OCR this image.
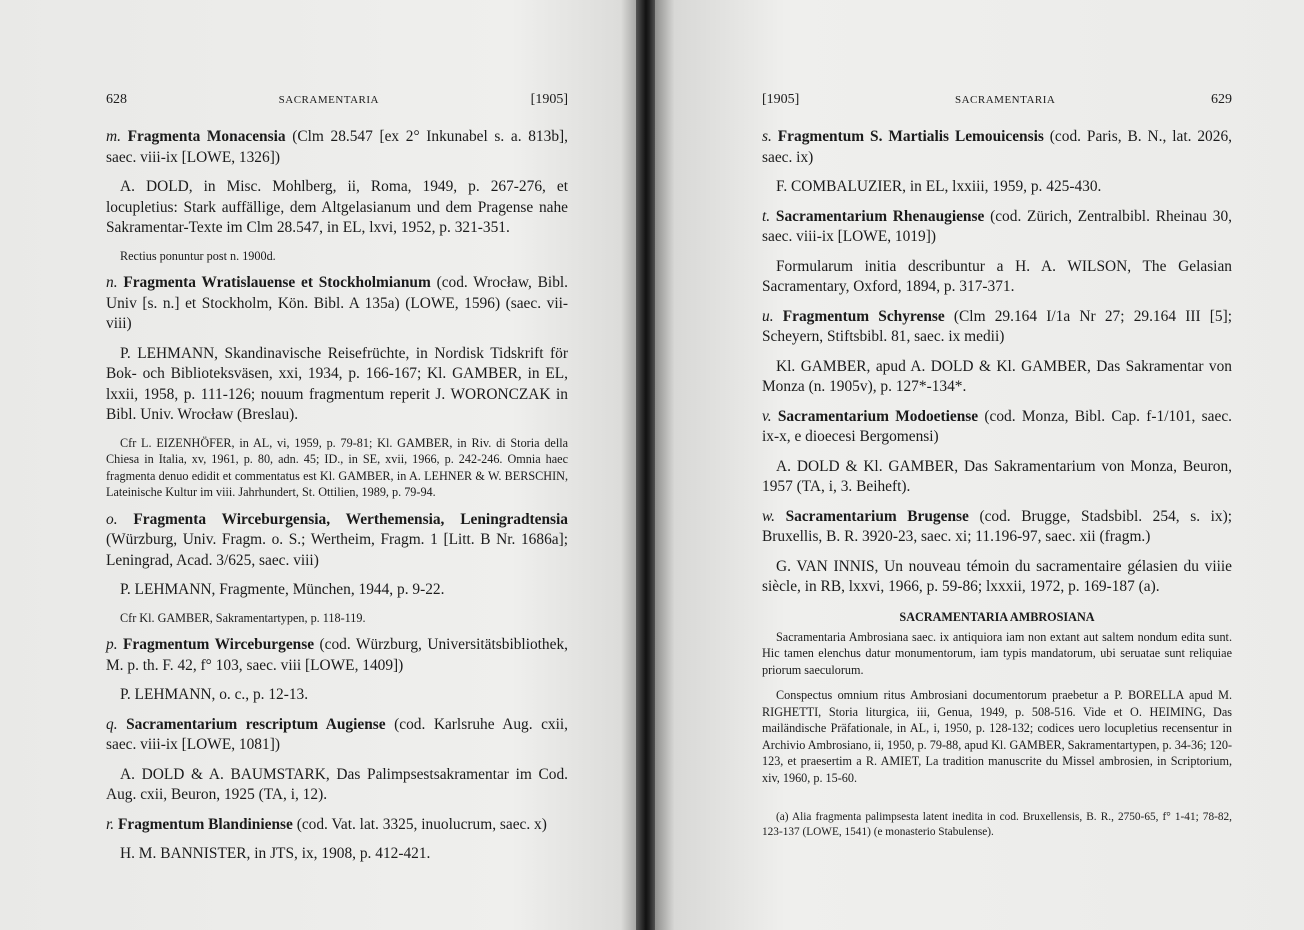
628	SACRAMENTARIA	[1905]

m. Fragmenta Monacensia (Clm 28.547 [ex 2° Inkunabel s. a. 813b], saec. viii-ix [LOWE, 1326])

A. DOLD, in Misc. Mohlberg, ii, Roma, 1949, p. 267-276, et locupletius: Stark auffällige, dem Altgelasianum und dem Pragense nahe Sakramentar-Texte im Clm 28.547, in EL, lxvi, 1952, p. 321-351.

Rectius ponuntur post n. 1900d.

n. Fragmenta Wratislauense et Stockholmianum (cod. Wrocław, Bibl. Univ [s. n.] et Stockholm, Kön. Bibl. A 135a) (LOWE, 1596) (saec. vii-viii)

P. LEHMANN, Skandinavische Reisefrüchte, in Nordisk Tidskrift för Bok- och Biblioteksväsen, xxi, 1934, p. 166-167; Kl. GAMBER, in EL, lxxii, 1958, p. 111-126; nouum fragmentum reperit J. WORONCZAK in Bibl. Univ. Wrocław (Breslau).

Cfr L. EIZENHÖFER, in AL, vi, 1959, p. 79-81; Kl. GAMBER, in Riv. di Storia della Chiesa in Italia, xv, 1961, p. 80, adn. 45; ID., in SE, xvii, 1966, p. 242-246. Omnia haec fragmenta denuo edidit et commentatus est Kl. GAMBER, in A. LEHNER & W. BERSCHIN, Lateinische Kultur im viii. Jahrhundert, St. Ottilien, 1989, p. 79-94.

o. Fragmenta Wirceburgensia, Werthemensia, Leningradtensia (Würzburg, Univ. Fragm. o. S.; Wertheim, Fragm. 1 [Litt. B Nr. 1686a]; Leningrad, Acad. 3/625, saec. viii)

P. LEHMANN, Fragmente, München, 1944, p. 9-22.

Cfr Kl. GAMBER, Sakramentartypen, p. 118-119.

p. Fragmentum Wirceburgense (cod. Würzburg, Universitätsbibliothek, M. p. th. F. 42, f° 103, saec. viii [LOWE, 1409])

P. LEHMANN, o. c., p. 12-13.

q. Sacramentarium rescriptum Augiense (cod. Karlsruhe Aug. cxii, saec. viii-ix [LOWE, 1081])

A. DOLD & A. BAUMSTARK, Das Palimpsestsakramentar im Cod. Aug. cxii, Beuron, 1925 (TA, i, 12).

r. Fragmentum Blandiniense (cod. Vat. lat. 3325, inuolucrum, saec. x)

H. M. BANNISTER, in JTS, ix, 1908, p. 412-421.

[1905]	SACRAMENTARIA	629

s. Fragmentum S. Martialis Lemouicensis (cod. Paris, B. N., lat. 2026, saec. ix)

F. COMBALUZIER, in EL, lxxiii, 1959, p. 425-430.

t. Sacramentarium Rhenaugiense (cod. Zürich, Zentralbibl. Rheinau 30, saec. viii-ix [LOWE, 1019])

Formularum initia describuntur a H. A. WILSON, The Gelasian Sacramentary, Oxford, 1894, p. 317-371.

u. Fragmentum Schyrense (Clm 29.164 I/1a Nr 27; 29.164 III [5]; Scheyern, Stiftsbibl. 81, saec. ix medii)

Kl. GAMBER, apud A. DOLD & Kl. GAMBER, Das Sakramentar von Monza (n. 1905v), p. 127*-134*.

v. Sacramentarium Modoetiense (cod. Monza, Bibl. Cap. f-1/101, saec. ix-x, e dioecesi Bergomensi)

A. DOLD & Kl. GAMBER, Das Sakramentarium von Monza, Beuron, 1957 (TA, i, 3. Beiheft).

w. Sacramentarium Brugense (cod. Brugge, Stadsbibl. 254, s. ix); Bruxellis, B. R. 3920-23, saec. xi; 11.196-97, saec. xii (fragm.)

G. VAN INNIS, Un nouveau témoin du sacramentaire gélasien du viiie siècle, in RB, lxxvi, 1966, p. 59-86; lxxxii, 1972, p. 169-187 (a).

SACRAMENTARIA AMBROSIANA

Sacramentaria Ambrosiana saec. ix antiquiora iam non extant aut saltem nondum edita sunt. Hic tamen elenchus datur monumentorum, iam typis mandatorum, ubi seruatae sunt reliquiae priorum saeculorum.

Conspectus omnium ritus Ambrosiani documentorum praebetur a P. BORELLA apud M. RIGHETTI, Storia liturgica, iii, Genua, 1949, p. 508-516. Vide et O. HEIMING, Das mailändische Präfationale, in AL, i, 1950, p. 128-132; codices uero locupletius recensentur in Archivio Ambrosiano, ii, 1950, p. 79-88, apud Kl. GAMBER, Sakramentartypen, p. 34-36; 120-123, et praesertim a R. AMIET, La tradition manuscrite du Missel ambrosien, in Scriptorium, xiv, 1960, p. 15-60.

(a) Alia fragmenta palimpsesta latent inedita in cod. Bruxellensis, B. R., 2750-65, f° 1-41; 78-82, 123-137 (LOWE, 1541) (e monasterio Stabulense).
